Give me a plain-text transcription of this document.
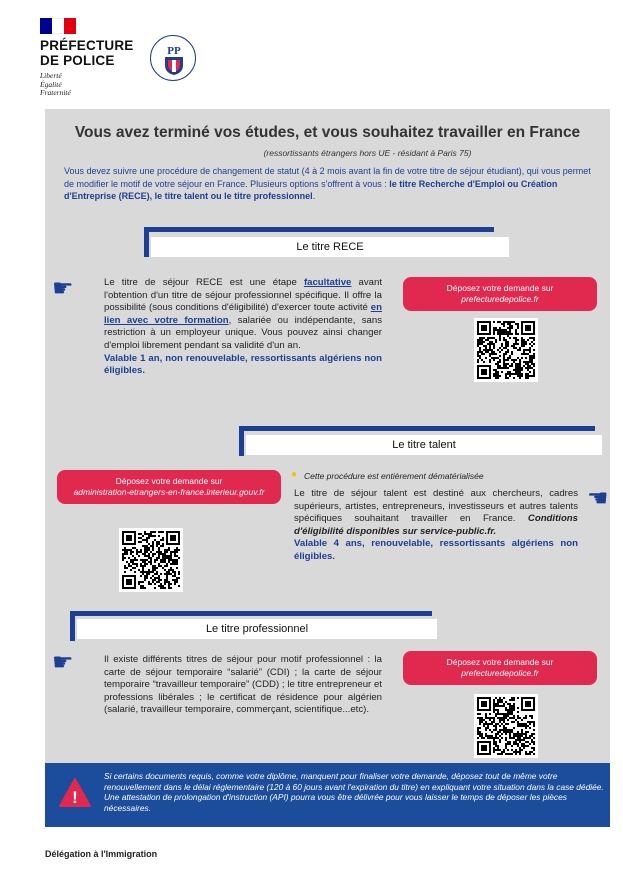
PRÉFECTURE
DE POLICE
Liberté
Égalité
Fraternité
PP
Vous avez terminé vos études, et vous souhaitez travailler en France
(ressortissants étrangers hors UE - résidant à Paris 75)
Vous devez suivre une procédure de changement de statut (4 à 2 mois avant la fin de votre titre de séjour étudiant), qui vous permet de modifier le motif de votre séjour en France. Plusieurs options s'offrent à vous : le titre Recherche d'Emploi ou Création d'Entreprise (RECE), le titre talent ou le titre professionnel.
Le titre RECE
☛	Le titre de séjour RECE est une étape facultative avant l'obtention d'un titre de séjour professionnel spécifique. Il offre la possibilité (sous conditions d'éligibilité) d'exercer toute activité en lien avec votre formation, salariée ou indépendante, sans restriction à un employeur unique. Vous pouvez ainsi changer d'emploi librement pendant sa validité d'un an.
Valable 1 an, non renouvelable, ressortissants algériens non éligibles.
Déposez votre demande sur
prefecturedepolice.fr
Le titre talent
Déposez votre demande sur
administration-etrangers-en-france.interieur.gouv.fr
● Cette procédure est entièrement dématérialisée
Le titre de séjour talent est destiné aux chercheurs, cadres supérieurs, artistes, entrepreneurs, investisseurs et autres talents spécifiques souhaitant travailler en France. Conditions d'éligibilité disponibles sur service-public.fr.
Valable 4 ans, renouvelable, ressortissants algériens non éligibles.
☛
Le titre professionnel
☛	Il existe différents titres de séjour pour motif professionnel : la carte de séjour temporaire “salarié” (CDI) ; la carte de séjour temporaire “travailleur temporaire” (CDD) ; le titre entrepreneur et professions libérales ; le certificat de résidence pour algérien (salarié, travailleur temporaire, commerçant, scientifique...etc).
Déposez votre demande sur
prefecturedepolice.fr
!
Si certains documents requis, comme votre diplôme, manquent pour finaliser votre demande, déposez tout de même votre renouvellement dans le délai réglementaire (120 à 60 jours avant l'expiration du titre) en expliquant votre situation dans la case dédiée. Une attestation de prolongation d'instruction (API) pourra vous être délivrée pour vous laisser le temps de déposer les pièces nécessaires.
Délégation à l'Immigration
